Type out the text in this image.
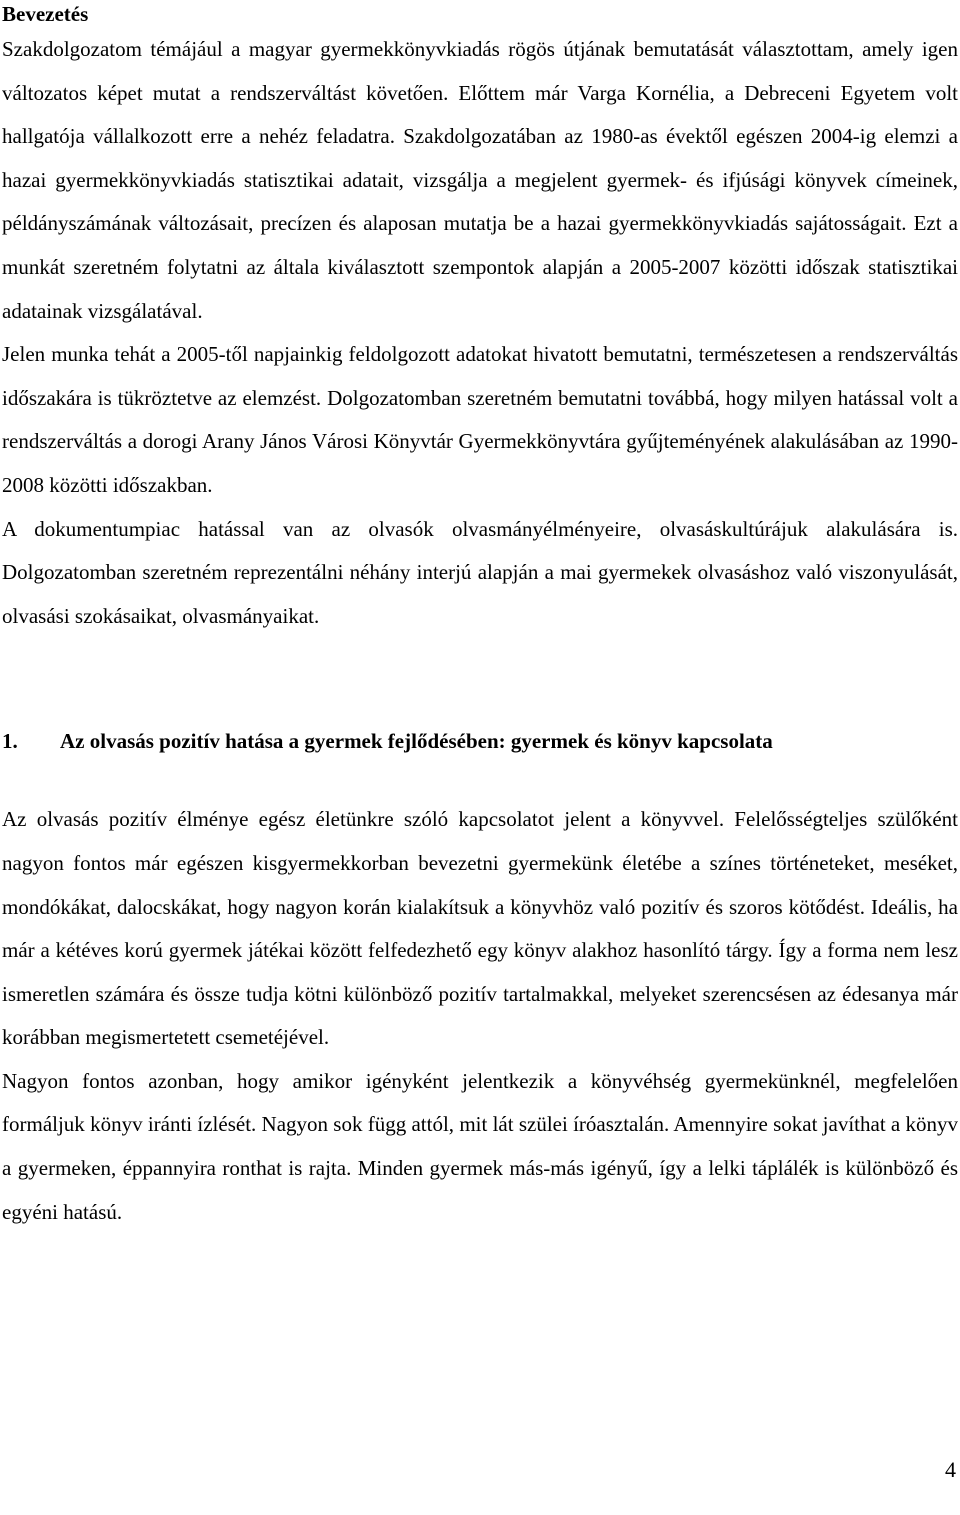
Bevezetés

Szakdolgozatom témájául a magyar gyermekkönyvkiadás rögös útjának bemutatását választottam, amely igen változatos képet mutat a rendszerváltást követően. Előttem már Varga Kornélia, a Debreceni Egyetem volt hallgatója vállalkozott erre a nehéz feladatra. Szakdolgozatában az 1980-as évektől egészen 2004-ig elemzi a hazai gyermekkönyvkiadás statisztikai adatait, vizsgálja a megjelent gyermek- és ifjúsági könyvek címeinek, példányszámának változásait, precízen és alaposan mutatja be a hazai gyermekkönyvkiadás sajátosságait. Ezt a munkát szeretném folytatni az általa kiválasztott szempontok alapján a 2005-2007 közötti időszak statisztikai adatainak vizsgálatával.

Jelen munka tehát a 2005-től napjainkig feldolgozott adatokat hivatott bemutatni, természetesen a rendszerváltás időszakára is tükröztetve az elemzést. Dolgozatomban szeretném bemutatni továbbá, hogy milyen hatással volt a rendszerváltás a dorogi Arany János Városi Könyvtár Gyermekkönyvtára gyűjteményének alakulásában az 1990-2008 közötti időszakban.

A dokumentumpiac hatással van az olvasók olvasmányélményeire, olvasáskultúrájuk alakulására is. Dolgozatomban szeretném reprezentálni néhány interjú alapján a mai gyermekek olvasáshoz való viszonyulását, olvasási szokásaikat, olvasmányaikat.

1.	Az olvasás pozitív hatása a gyermek fejlődésében: gyermek és könyv kapcsolata

Az olvasás pozitív élménye egész életünkre szóló kapcsolatot jelent a könyvvel. Felelősségteljes szülőként nagyon fontos már egészen kisgyermekkorban bevezetni gyermekünk életébe a színes történeteket, meséket, mondókákat, dalocskákat, hogy nagyon korán kialakítsuk a könyvhöz való pozitív és szoros kötődést. Ideális, ha már a kétéves korú gyermek játékai között felfedezhető egy könyv alakhoz hasonlító tárgy. Így a forma nem lesz ismeretlen számára és össze tudja kötni különböző pozitív tartalmakkal, melyeket szerencsésen az édesanya már korábban megismertetett csemetéjével.

Nagyon fontos azonban, hogy amikor igényként jelentkezik a könyvéhség gyermekünknél, megfelelően formáljuk könyv iránti ízlését. Nagyon sok függ attól, mit lát szülei íróasztalán. Amennyire sokat javíthat a könyv a gyermeken, éppannyira ronthat is rajta. Minden gyermek más-más igényű, így a lelki táplálék is különböző és egyéni hatású.

4
